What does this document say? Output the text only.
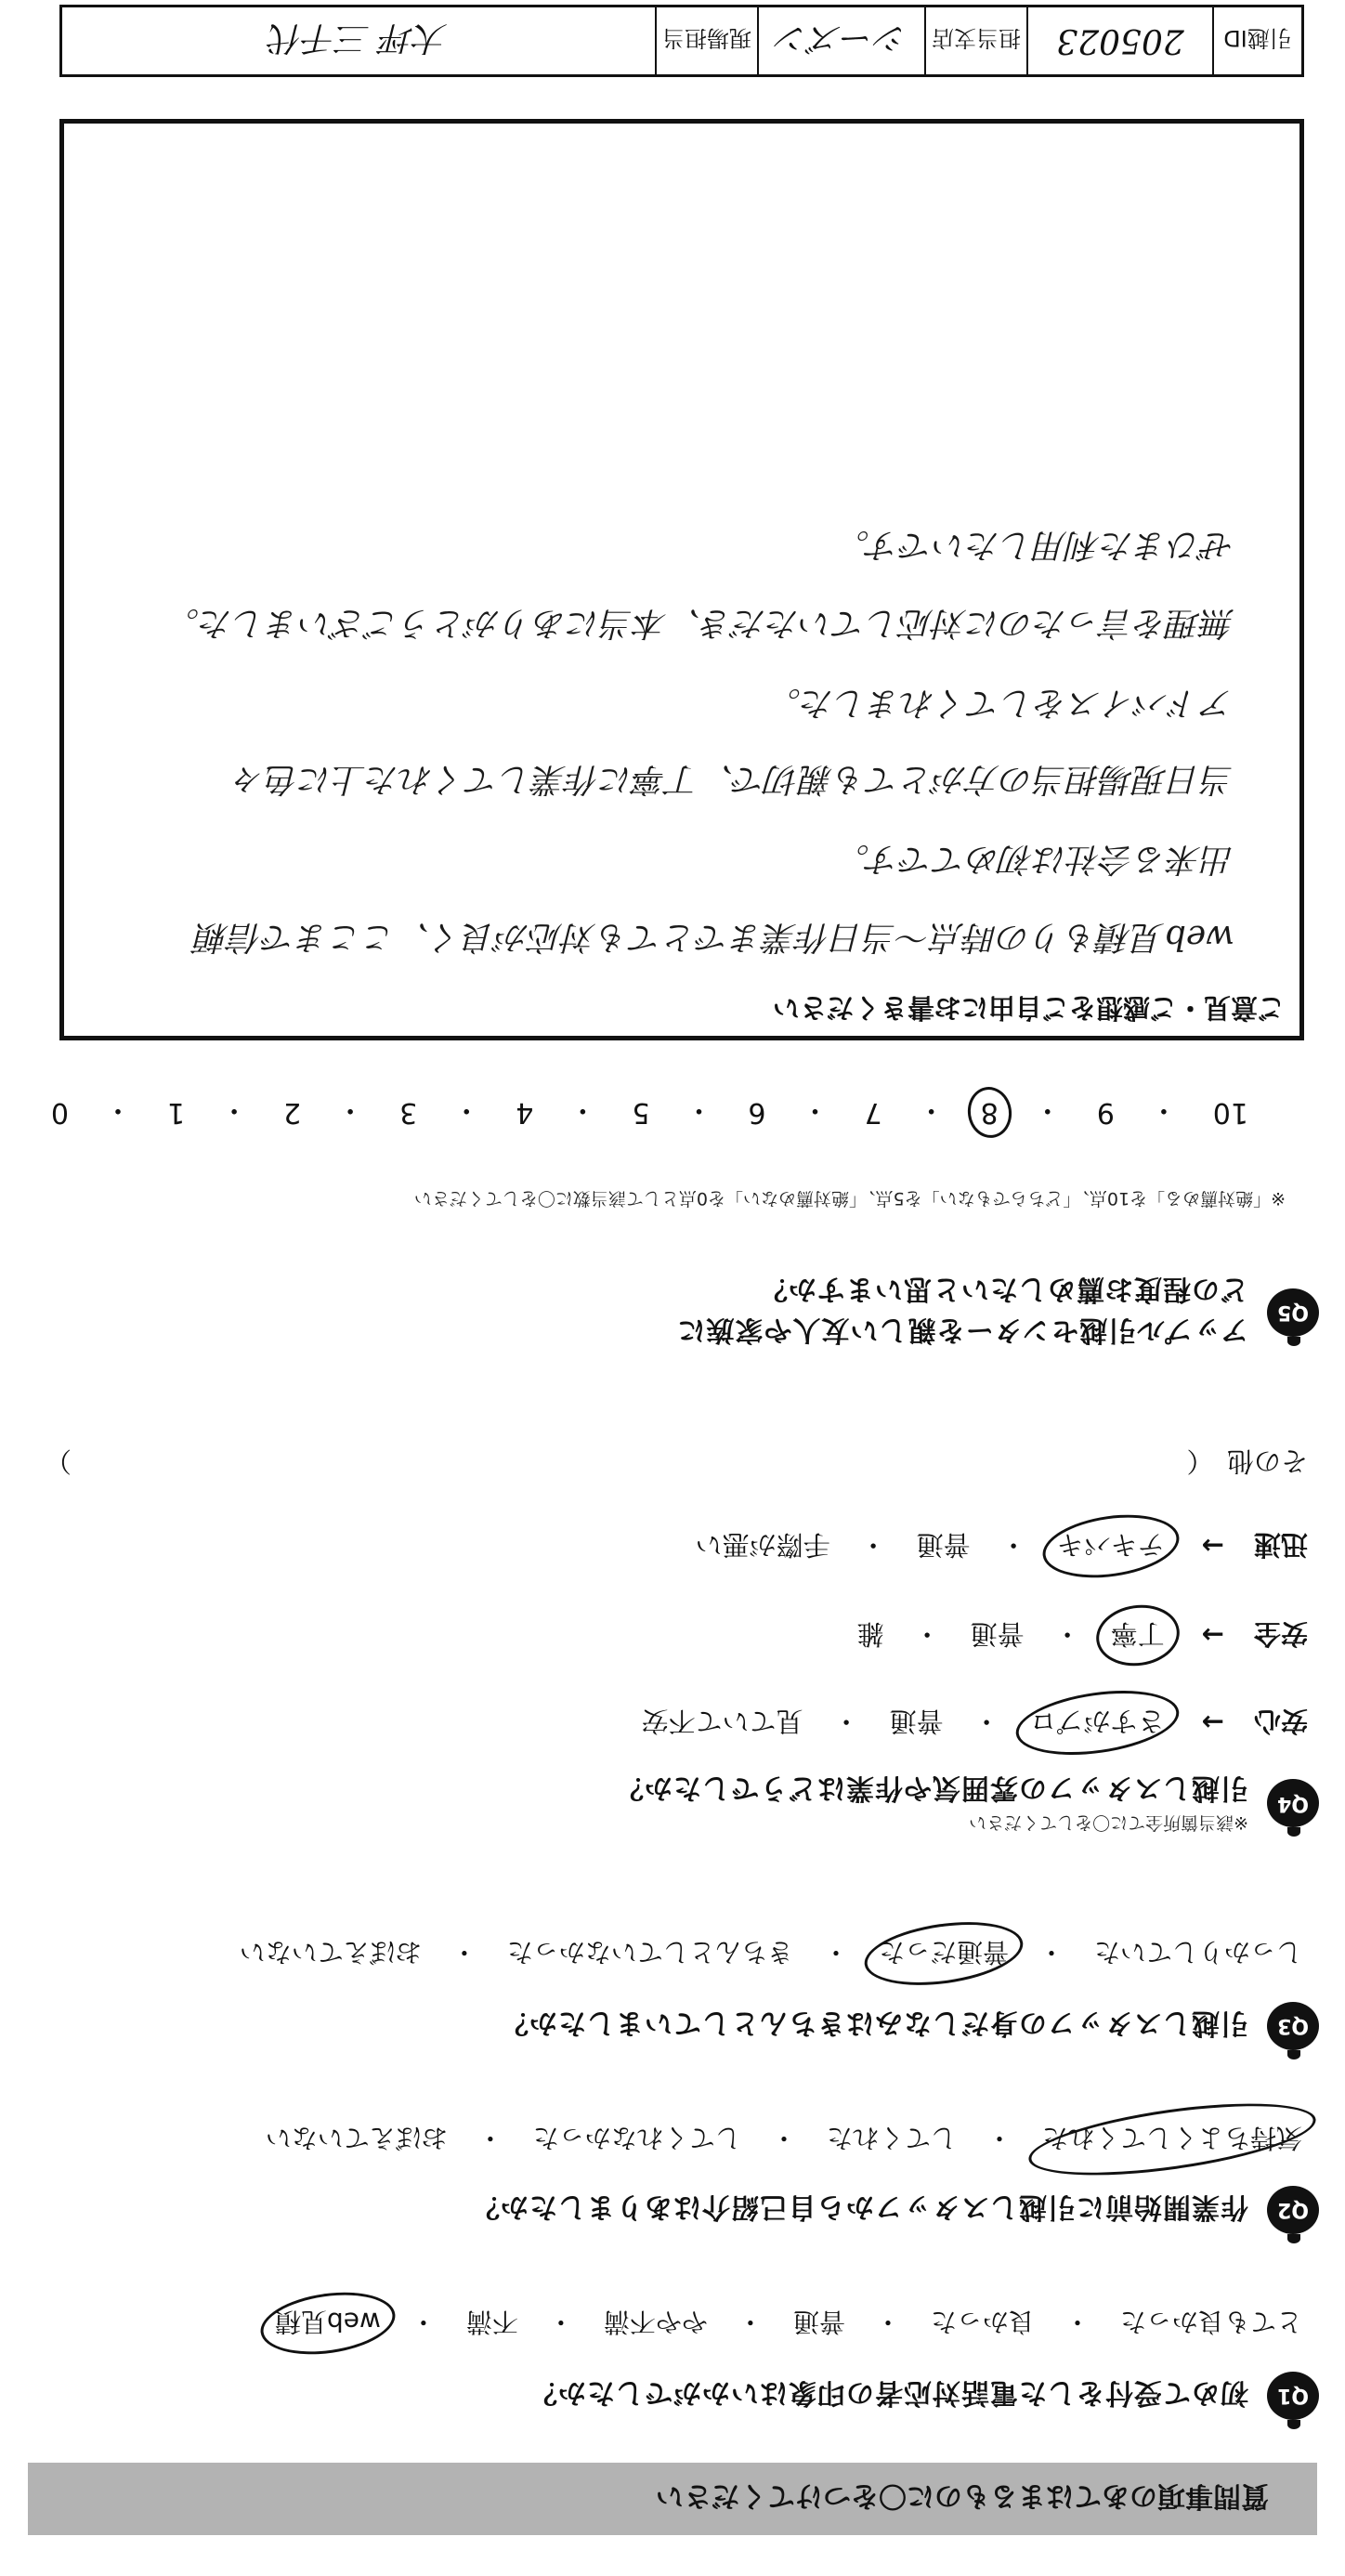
質問事項のあてはまるものに〇をつけてください
Q1
初めて受付をした電話対応者の印象はいかがでしたか？
とても良かった
・
良かった
・
普通
・
やや不満
・
不満
・
web見積
Q2
作業開始前に引越しスタッフから自己紹介はありましたか？
気持ちよくしてくれた
・
してくれた
・
してくれなかった
・
おぼえていない
Q3
引越しスタッフの身だしなみはきちんとしていましたか？
しっかりしていた
・
普通だった
・
きちんとしていなかった
・
おぼえていない
Q4
※該当箇所全てに〇をしてください
引越しスタッフの雰囲気や作業はどうでしたか？
安心
→
さすがプロ
・
普通
・
見ていて不安
安全
→
丁寧
・
普通
・
雑
迅速
→
テキパキ
・
普通
・
手際が悪い
その他　（
）
Q5
アップル引越センターを親しい友人や家族に
どの程度お薦めしたいと思いますか？
※「絶対薦める」を10点、「どちらでもない」を5点、「絶対薦めない」を0点として該当数に〇をしてください
10
・
9
・
8
・
7
・
6
・
5
・
4
・
3
・
2
・
1
・
0
ご意見・ご感想をご自由にお書きください
web見積もりの時点〜当日作業までとても対応が良く、ここまで信頼
出来る会社は初めてです。
当日現場担当の方がとても親切で、丁寧に作業してくれた上に色々
アドバイスをしてくれました。
無理を言ったのに対応していただき、本当にありがとうございました。
ぜひまた利用したいです。
引越ID
205023
担当支店
シーズン
現場担当
大坪 三千代
